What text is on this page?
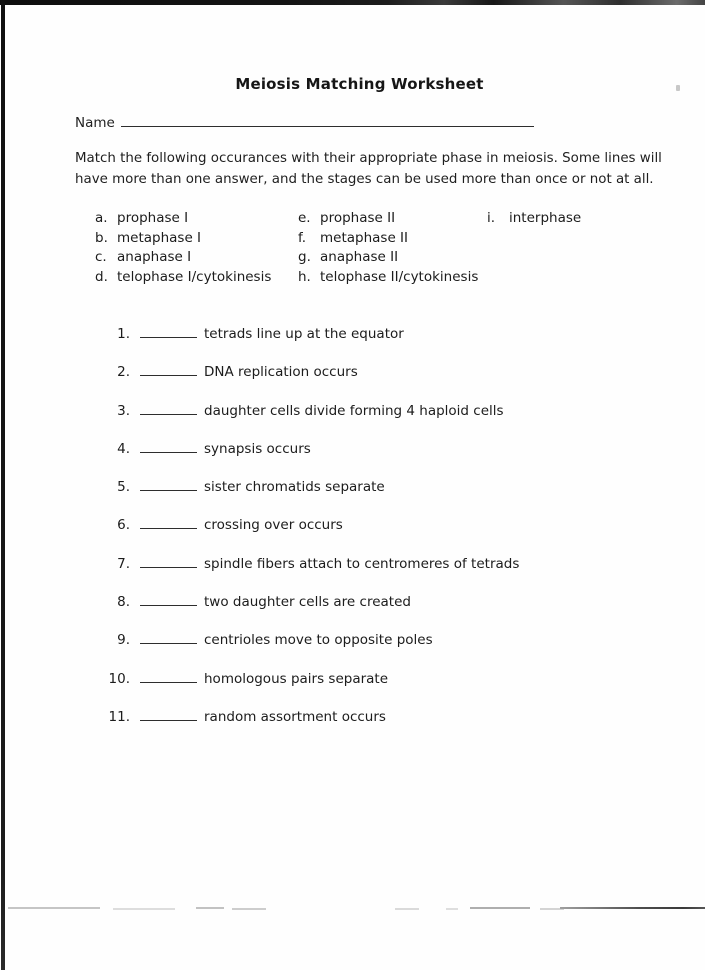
Meiosis Matching Worksheet
Name
Match the following occurances with their appropriate phase in meiosis. Some lines will
have more than one answer, and the stages can be used more than once or not at all.
a. prophase I
b. metaphase I
c. anaphase I
d. telophase I/cytokinesis
e. prophase II
f. metaphase II
g. anaphase II
h. telophase II/cytokinesis
i. interphase
1.	tetrads line up at the equator
2.	DNA replication occurs
3.	daughter cells divide forming 4 haploid cells
4.	synapsis occurs
5.	sister chromatids separate
6.	crossing over occurs
7.	spindle fibers attach to centromeres of tetrads
8.	two daughter cells are created
9.	centrioles move to opposite poles
10.	homologous pairs separate
11.	random assortment occurs
